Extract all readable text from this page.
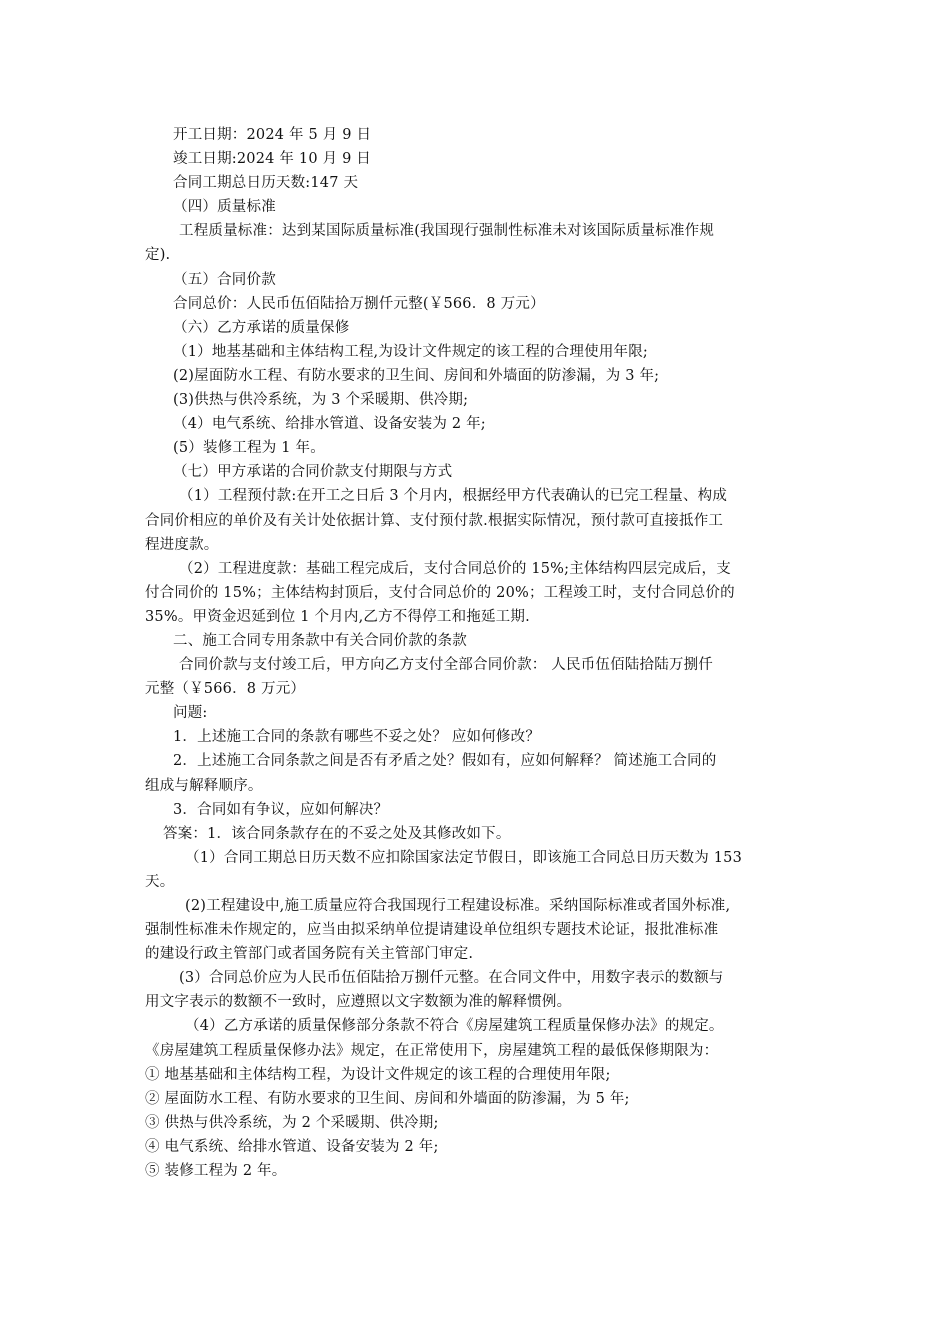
开工日期：2024 年 5 月 9 日
竣工日期:2024 年 10 月 9 日
合同工期总日历天数:147 天
（四）质量标准
工程质量标准：达到某国际质量标准(我国现行强制性标准未对该国际质量标准作规
定).
（五）合同价款
合同总价：人民币伍佰陆拾万捌仟元整(￥566．8 万元）
（六）乙方承诺的质量保修
（1）地基基础和主体结构工程,为设计文件规定的该工程的合理使用年限;
(2)屋面防水工程、有防水要求的卫生间、房间和外墙面的防渗漏，为 3 年;
(3)供热与供冷系统，为 3 个采暖期、供冷期;
（4）电气系统、给排水管道、设备安装为 2 年;
(5）装修工程为 1 年。
（七）甲方承诺的合同价款支付期限与方式
（1）工程预付款:在开工之日后 3 个月内，根据经甲方代表确认的已完工程量、构成
合同价相应的单价及有关计处依据计算、支付预付款.根据实际情况，预付款可直接抵作工
程进度款。
（2）工程进度款：基础工程完成后，支付合同总价的 15%;主体结构四层完成后，支
付合同价的 15%；主体结构封顶后，支付合同总价的 20%；工程竣工时，支付合同总价的
35%。甲资金迟延到位 1 个月内,乙方不得停工和拖延工期.
二、施工合同专用条款中有关合同价款的条款
合同价款与支付竣工后，甲方向乙方支付全部合同价款： 人民币伍佰陆拾陆万捌仟
元整（￥566．8 万元）
问题:
1．上述施工合同的条款有哪些不妥之处？ 应如何修改？
2．上述施工合同条款之间是否有矛盾之处？假如有，应如何解释？ 简述施工合同的
组成与解释顺序。
3．合同如有争议，应如何解决？
答案：1．该合同条款存在的不妥之处及其修改如下。
（1）合同工期总日历天数不应扣除国家法定节假日，即该施工合同总日历天数为 153
天。
(2)工程建设中,施工质量应符合我国现行工程建设标准。采纳国际标准或者国外标准,
强制性标准未作规定的，应当由拟采纳单位提请建设单位组织专题技术论证，报批准标准
的建设行政主管部门或者国务院有关主管部门审定.
(3）合同总价应为人民币伍佰陆拾万捌仟元整。在合同文件中，用数字表示的数额与
用文字表示的数额不一致时，应遵照以文字数额为准的解释惯例。
（4）乙方承诺的质量保修部分条款不符合《房屋建筑工程质量保修办法》的规定。
《房屋建筑工程质量保修办法》规定，在正常使用下，房屋建筑工程的最低保修期限为：
① 地基基础和主体结构工程，为设计文件规定的该工程的合理使用年限;
② 屋面防水工程、有防水要求的卫生间、房间和外墙面的防渗漏，为 5 年;
③ 供热与供冷系统，为 2 个采暖期、供冷期;
④ 电气系统、给排水管道、设备安装为 2 年;
⑤ 装修工程为 2 年。
